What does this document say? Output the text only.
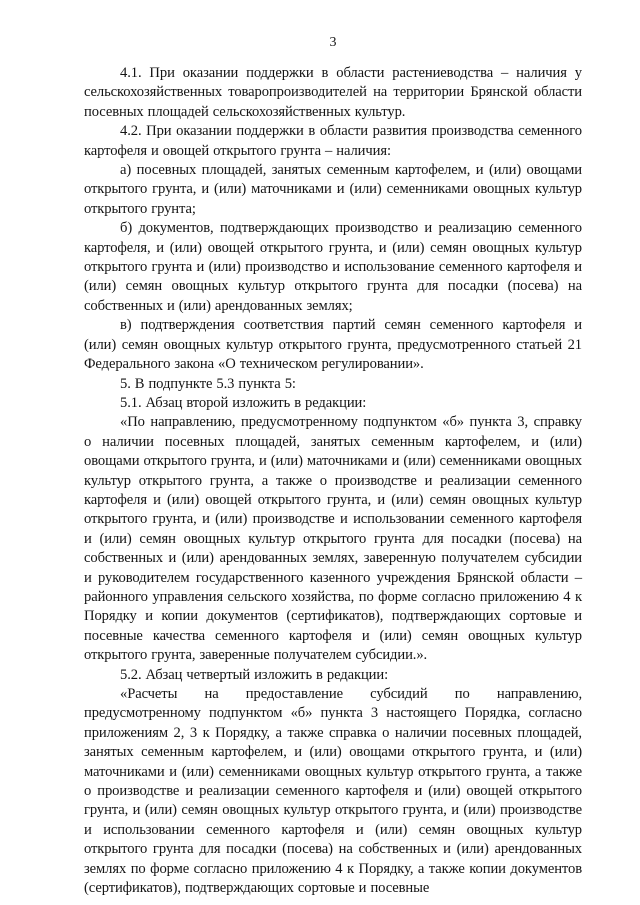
3

4.1. При оказании поддержки в области растениеводства – наличия у сельскохозяйственных товаропроизводителей на территории Брянской области посевных площадей сельскохозяйственных культур.

4.2. При оказании поддержки в области развития производства семенного картофеля и овощей открытого грунта – наличия:

а) посевных площадей, занятых семенным картофелем, и (или) овощами открытого грунта, и (или) маточниками и (или) семенниками овощных культур открытого грунта;

б) документов, подтверждающих производство и реализацию семенного картофеля, и (или) овощей открытого грунта, и (или) семян овощных культур открытого грунта и (или) производство и использование семенного картофеля и (или) семян овощных культур открытого грунта для посадки (посева) на собственных и (или) арендованных землях;

в) подтверждения соответствия партий семян семенного картофеля и (или) семян овощных культур открытого грунта, предусмотренного статьей 21 Федерального закона «О техническом регулировании».

5. В подпункте 5.3 пункта 5:

5.1. Абзац второй изложить в редакции:

«По направлению, предусмотренному подпунктом «б» пункта 3, справку о наличии посевных площадей, занятых семенным картофелем, и (или) овощами открытого грунта, и (или) маточниками и (или) семенниками овощных культур открытого грунта, а также о производстве и реализации семенного картофеля и (или) овощей открытого грунта, и (или) семян овощных культур открытого грунта, и (или) производстве и использовании семенного картофеля и (или) семян овощных культур открытого грунта для посадки (посева) на собственных и (или) арендованных землях, заверенную получателем субсидии и руководителем государственного казенного учреждения Брянской области – районного управления сельского хозяйства, по форме согласно приложению 4 к Порядку и копии документов (сертификатов), подтверждающих сортовые и посевные качества семенного картофеля и (или) семян овощных культур открытого грунта, заверенные получателем субсидии.».

5.2. Абзац четвертый изложить в редакции:

«Расчеты на предоставление субсидий по направлению, предусмотренному подпунктом «б» пункта 3 настоящего Порядка, согласно приложениям 2, 3 к Порядку, а также справка о наличии посевных площадей, занятых семенным картофелем, и (или) овощами открытого грунта, и (или) маточниками и (или) семенниками овощных культур открытого грунта, а также о производстве и реализации семенного картофеля и (или) овощей открытого грунта, и (или) семян овощных культур открытого грунта, и (или) производстве и использовании семенного картофеля и (или) семян овощных культур открытого грунта для посадки (посева) на собственных и (или) арендованных землях по форме согласно приложению 4 к Порядку, а также копии документов (сертификатов), подтверждающих сортовые и посевные
